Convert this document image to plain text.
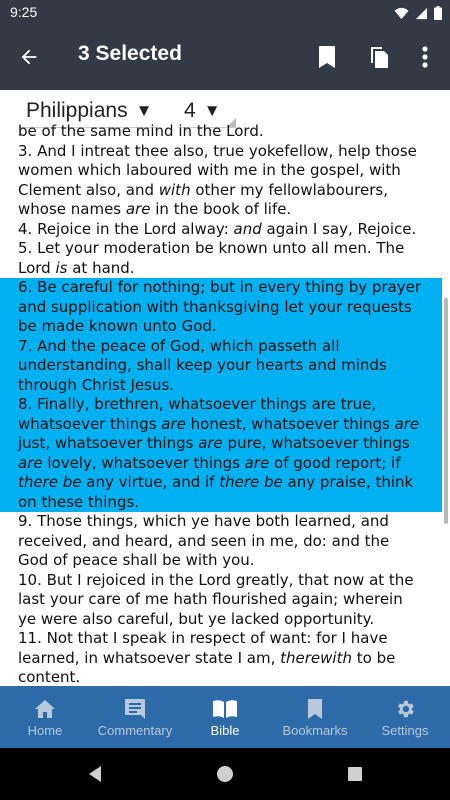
9:25
3 Selected
Philippians ▼ 4 ▼
be of the same mind in the Lord.
3. And I intreat thee also, true yokefellow, help those women which laboured with me in the gospel, with Clement also, and with other my fellowlabourers, whose names are in the book of life.
4. Rejoice in the Lord alway: and again I say, Rejoice.
5. Let your moderation be known unto all men. The Lord is at hand.
6. Be careful for nothing; but in every thing by prayer and supplication with thanksgiving let your requests be made known unto God.
7. And the peace of God, which passeth all understanding, shall keep your hearts and minds through Christ Jesus.
8. Finally, brethren, whatsoever things are true, whatsoever things are honest, whatsoever things are just, whatsoever things are pure, whatsoever things are lovely, whatsoever things are of good report; if there be any virtue, and if there be any praise, think on these things.
9. Those things, which ye have both learned, and received, and heard, and seen in me, do: and the God of peace shall be with you.
10. But I rejoiced in the Lord greatly, that now at the last your care of me hath flourished again; wherein ye were also careful, but ye lacked opportunity.
11. Not that I speak in respect of want: for I have learned, in whatsoever state I am, therewith to be content.
Home	Commentary	Bible	Bookmarks	Settings
